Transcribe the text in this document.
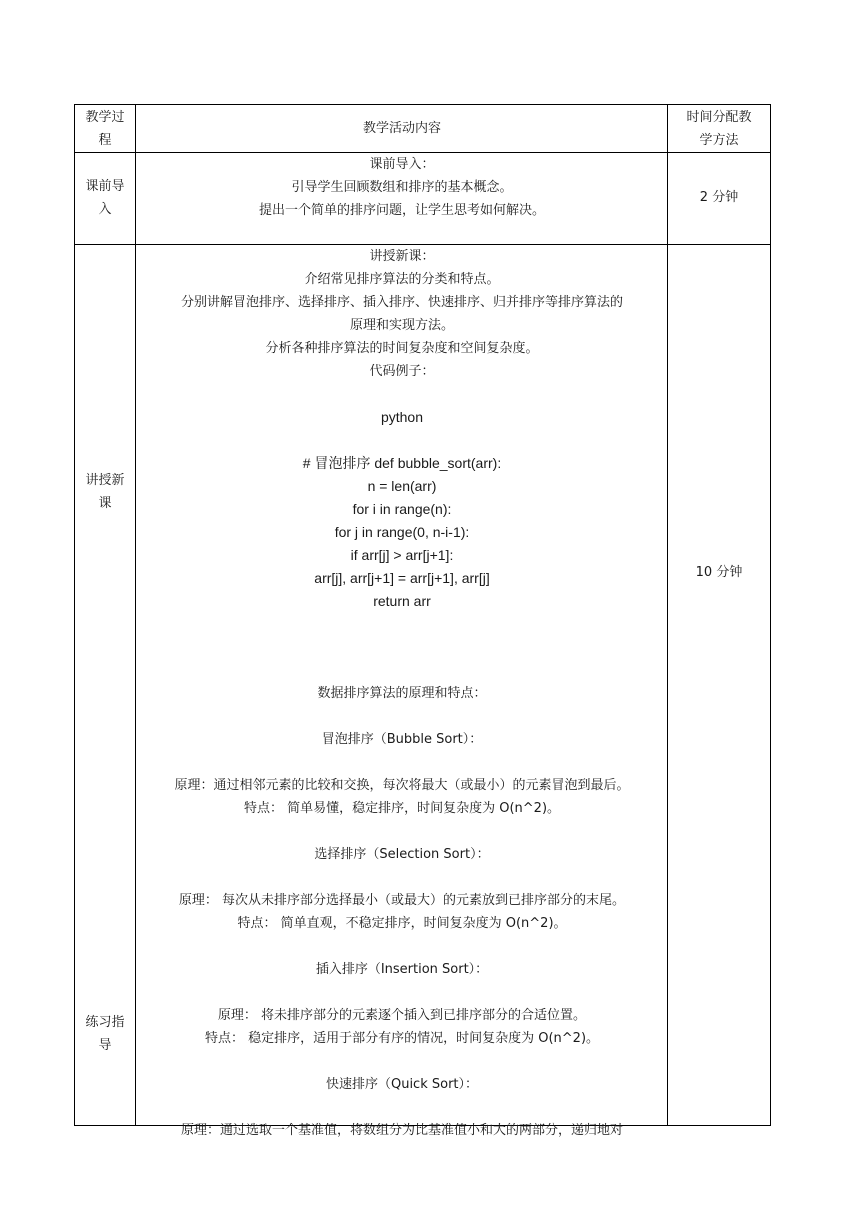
教学过
程
教学活动内容
时间分配教
学方法
课前导
入
课前导入：
引导学生回顾数组和排序的基本概念。
提出一个简单的排序问题，让学生思考如何解决。
2 分钟
讲授新
课
练习指
导
10 分钟
讲授新课：
介绍常见排序算法的分类和特点。
分别讲解冒泡排序、选择排序、插入排序、快速排序、归并排序等排序算法的
原理和实现方法。
分析各种排序算法的时间复杂度和空间复杂度。
代码例子：
python
# 冒泡排序 def bubble_sort(arr):
n = len(arr)
for i in range(n):
for j in range(0, n-i-1):
if arr[j] > arr[j+1]:
arr[j], arr[j+1] = arr[j+1], arr[j]
return arr
数据排序算法的原理和特点：
冒泡排序（Bubble Sort）：
原理：通过相邻元素的比较和交换，每次将最大（或最小）的元素冒泡到最后。
特点： 简单易懂，稳定排序，时间复杂度为 O(n^2)。
选择排序（Selection Sort）：
原理： 每次从未排序部分选择最小（或最大）的元素放到已排序部分的末尾。
特点： 简单直观，不稳定排序，时间复杂度为 O(n^2)。
插入排序（Insertion Sort）：
原理： 将未排序部分的元素逐个插入到已排序部分的合适位置。
特点： 稳定排序，适用于部分有序的情况，时间复杂度为 O(n^2)。
快速排序（Quick Sort）：
原理：通过选取一个基准值，将数组分为比基准值小和大的两部分，递归地对
